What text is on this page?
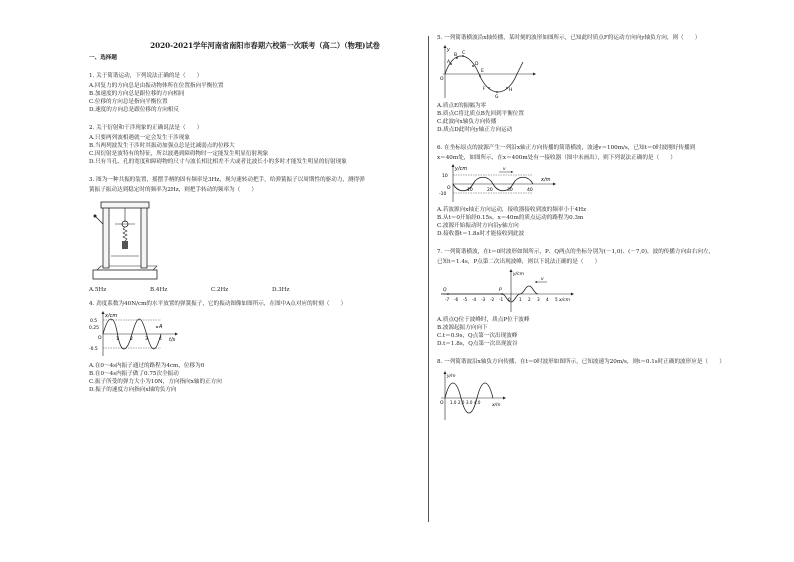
2020-2021学年河南省南阳市春期六校第一次联考（高二）（物理)试卷
一、选择题
1. 关于简谐运动，下列说法正确的是（　　）
A.回复力的方向总是由振动物体所在位置指向平衡位置
B.加速度的方向总是跟位移的方向相同
C.位移的方向总是指向平衡位置
D.速度的方向总是跟位移的方向相反
2. 关于衍射和干涉现象的正确说法是（　　）
A.只要两列波相遇就一定会发生干涉现象
B.当两列波发生干涉时其振动加强点总是比减弱点的位移大
C.因衍射是波特有的特征，所以波遇到障碍物时一定能发生明显衍射现象
D.只有当孔、孔的宽度和障碍物的尺寸与波长相比相差不大或者比波长小的多时才能发生明显的衍射现象
3. 图为一种共振的装置，摇摆手柄的固有频率是3Hz，现匀速转动把手，给弹簧振子以周期性的驱动力，测得弹
簧振子振动达到稳定时的频率为2Hz，则把手转动的频率为（　　）
A.5Hz	B.4Hz	C.2Hz	D.3Hz
4. 劲度系数为40N/cm的水平放置的弹簧振子，它的振动图像如图所示，在图中A点对应的时刻（　　）
x/cm
t/s
0.5
0.25
-0.5
O	1 2	3 4
A
A.在0～4s内振子通过的路程为4cm，位移为0
B.在0～4s内振子做了0.75次全振动
C.振子所受的弹力大小为10N，方向指向x轴的正方向
D.振子的速度方向指向x轴的负方向
5. 一列简谐横波沿x轴传播，某时刻的波形如图所示，已知此时质点F的运动方向向y轴负方向，则（　　）
y
O
A
B C
D
E
F
G
H
A.质点E的振幅为零
B.质点C将比质点B先回到平衡位置
C.此波向x轴负方向传播
D.质点D此时向y轴正方向运动
6. 在坐标原点的波源产生一列沿x轴正方向传播的简谐横波，波速v＝100m/s，已知t＝0时波刚好传播到
x＝40m处，如图所示，在x＝400m处有一接收器（图中未画出），则下列说法正确的是（　　）
y/cm
x/m
10
-10
O	10	20	30	40
v
A.若波源向x轴正方向运动，接收器接收到波的频率小于4Hz
B.从t＝0开始经0.15s，x＝40m的质点运动的路程为0.3m
C.波源开始振动时方向沿y轴方向
D.接收器t＝1.8s时才能接收到此波
7. 一列简谐横波，在t＝0时波形如图所示，P、Q两点的坐标分别为(－1,0)、(－7,0)，波的传播方向由右向左，
已知t＝1.4s，P点第二次出现波峰，则以下说法正确的是（　　）
y/cm
x/cm
v
Q	P
-7 -6 -5 -4 -3 -2 -1 0 1 2 3 4 5
A.质点Q位于波峰时，质点P位于波峰
B.波源起振方向向下
C.t＝0.9s，Q点第一次出现波峰
D.t＝1.8s，Q点第一次出现波谷
8. 一列简谐波沿x轴负方向传播，在t＝0时波形如图所示，已知波速为20m/s，则t＝0.1s时正确的波形应是（　　）
y/m
x/m
O 1.0 2.0 3.0 4.0
